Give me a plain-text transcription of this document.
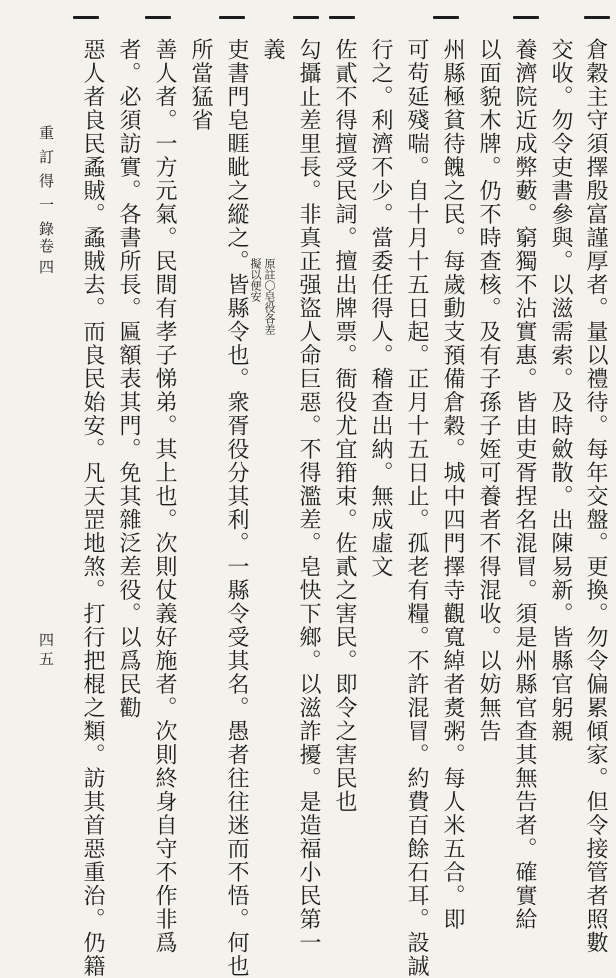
倉穀主守須擇殷富謹厚者。量以禮待。每年交盤。更換。勿令偏累傾家。但令接管者照數
交收。勿令吏書參與。以滋需索。及時斂散。出陳易新。皆縣官躬親
養濟院近成弊藪。窮獨不沾實惠。皆由吏胥捏名混冒。須是州縣官查其無告者。確實給
以面貌木牌。仍不時查核。及有子孫子姪可養者不得混收。以妨無告
州縣極貧待餽之民。每歲動支預備倉穀。城中四門擇寺觀寬綽者煑粥。每人米五合。即
可苟延殘喘。自十月十五日起。正月十五日止。孤老有糧。不許混冒。約費百餘石耳。設誠
行之。利濟不少。當委任得人。稽查出納。無成虛文
佐貳不得擅受民詞。擅出牌票。衙役尤宜箝束。佐貳之害民。即令之害民也
勾攝止差里長。非真正强盜人命巨惡。不得濫差。皂快下鄉。以滋詐擾。是造福小民第一
義
吏書門皂睚眦之縱之。皆縣令也。衆胥役分其利。一縣令受其名。愚者往往迷而不悟。何也
所當猛省
善人者。一方元氣。民間有孝子悌弟。其上也。次則仗義好施者。次則終身自守不作非爲
者。必須訪實。各書所長。匾額表其門。免其雜泛差役。以爲民勸
惡人者良民蟊賊。蟊賊去。而良民始安。凡天罡地煞。打行把棍之類。訪其首惡重治。仍籍	原註〇皂役各差
擬以便安
重訂得一錄
卷四
四五
